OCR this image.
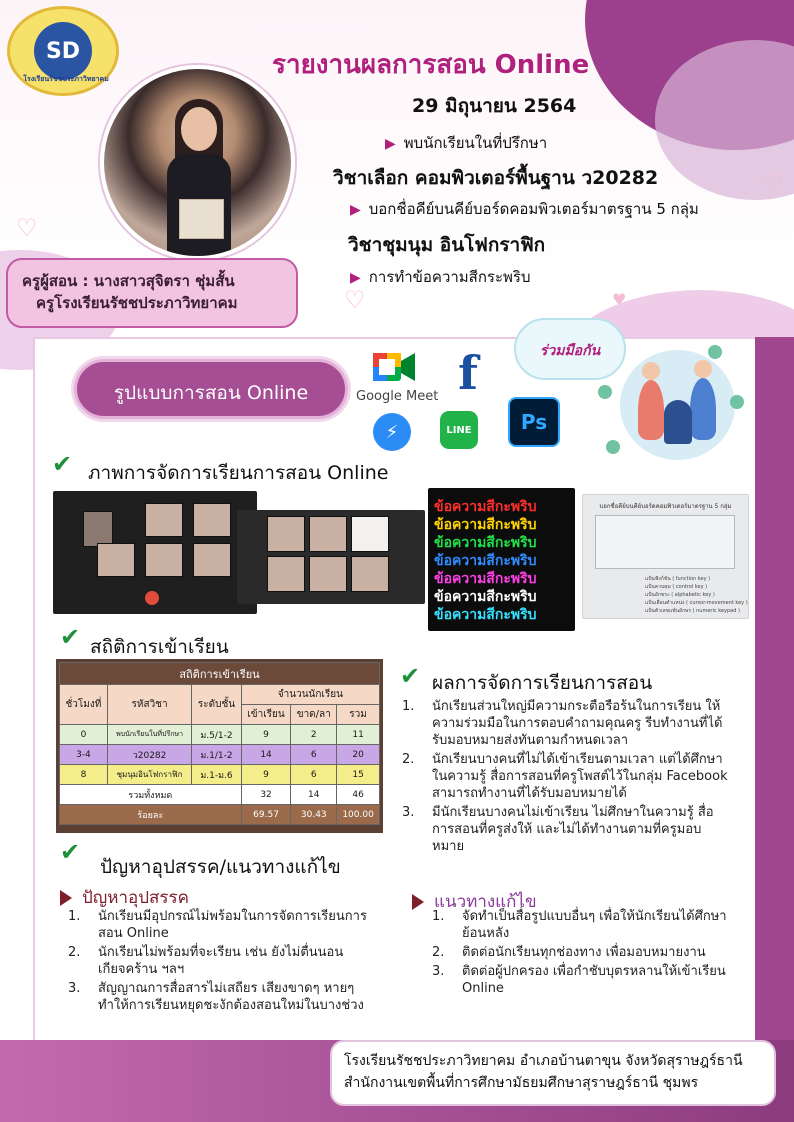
♡
♡
♡	♥
SD
โรงเรียนรัชชประภาวิทยาคม
ครูผู้สอน : นางสาวสุจิตรา ชุ่มสั้น
ครูโรงเรียนรัชชประภาวิทยาคม
รายงานผลการสอน Online
29 มิถุนายน 2564
▶ พบนักเรียนในที่ปรึกษา
วิชาเลือก คอมพิวเตอร์พื้นฐาน ว20282
▶ บอกชื่อคีย์บนคีย์บอร์ดคอมพิวเตอร์มาตรฐาน 5 กลุ่ม
วิชาชุมนุม อินโฟกราฟิก
▶ การทำข้อความสีกระพริบ
รูปแบบการสอน Online	Google Meet f
⚡	LINE	Ps
ร่วมมือกัน
✔ ภาพการจัดการเรียนการสอน Online
ข้อความสีกะพริบ
ข้อความสีกะพริบ
ข้อความสีกะพริบ
ข้อความสีกะพริบ
ข้อความสีกะพริบ
ข้อความสีกะพริบ
ข้อความสีกะพริบ
บอกชื่อคีย์บนคีย์บอร์ดคอมพิวเตอร์มาตรฐาน 5 กลุ่ม
แป้นฟังก์ชัน ( function key )
แป้นควบคุม ( control key )
แป้นอักขระ ( alphabetic key )
แป้นเลื่อนตำแหน่ง ( cursor-movement key )
แป้นตัวเลขแพ้นอักษร ( numeric keypad )
✔ สถิติการเข้าเรียน
สถิติการเข้าเรียน					
ชั่วโมงที่	รหัสวิชา	ระดับชั้น	จำนวนนักเรียน		
			เข้าเรียน	ขาด/ลา	รวม
0	พบนักเรียนในที่ปรึกษา	ม.5/1-2	9	2	11
3-4	ว20282	ม.1/1-2	14	6	20
8	ชุมนุมอินโฟกราฟิก	ม.1-ม.6	9	6	15
รวมทั้งหมด			32	14	46
ร้อยละ			69.57	30.43	100.00
✔ ผลการจัดการเรียนการสอน
1. นักเรียนส่วนใหญ่มีความกระตือรือร้นในการเรียน ให้ความร่วมมือในการตอบคำถามคุณครู รีบทำงานที่ได้รับมอบหมายส่งทันตามกำหนดเวลา
2. นักเรียนบางคนที่ไม่ได้เข้าเรียนตามเวลา แต่ได้ศึกษาในความรู้ สื่อการสอนที่ครูโพสต์ไว้ในกลุ่ม Facebook สามารถทำงานที่ได้รับมอบหมายได้
3. มีนักเรียนบางคนไม่เข้าเรียน ไม่ศึกษาในความรู้ สื่อการสอนที่ครูส่งให้ และไม่ได้ทำงานตามที่ครูมอบหมาย
✔
ปัญหาอุปสรรค/แนวทางแก้ไข
ปัญหาอุปสรรค
1. นักเรียนมีอุปกรณ์ไม่พร้อมในการจัดการเรียนการสอน Online
2. นักเรียนไม่พร้อมที่จะเรียน เช่น ยังไม่ตื่นนอน เกียจคร้าน ฯลฯ
3. สัญญาณการสื่อสารไม่เสถียร เสียงขาดๆ หายๆ ทำให้การเรียนหยุดชะงักต้องสอนใหม่ในบางช่วง
แนวทางแก้ไข
1. จัดทำเป็นสื่อรูปแบบอื่นๆ เพื่อให้นักเรียนได้ศึกษาย้อนหลัง
2. ติดต่อนักเรียนทุกช่องทาง เพื่อมอบหมายงาน
3. ติดต่อผู้ปกครอง เพื่อกำชับบุตรหลานให้เข้าเรียน Online
โรงเรียนรัชชประภาวิทยาคม อำเภอบ้านตาขุน จังหวัดสุราษฎร์ธานี
สำนักงานเขตพื้นที่การศึกษามัธยมศึกษาสุราษฎร์ธานี ชุมพร
